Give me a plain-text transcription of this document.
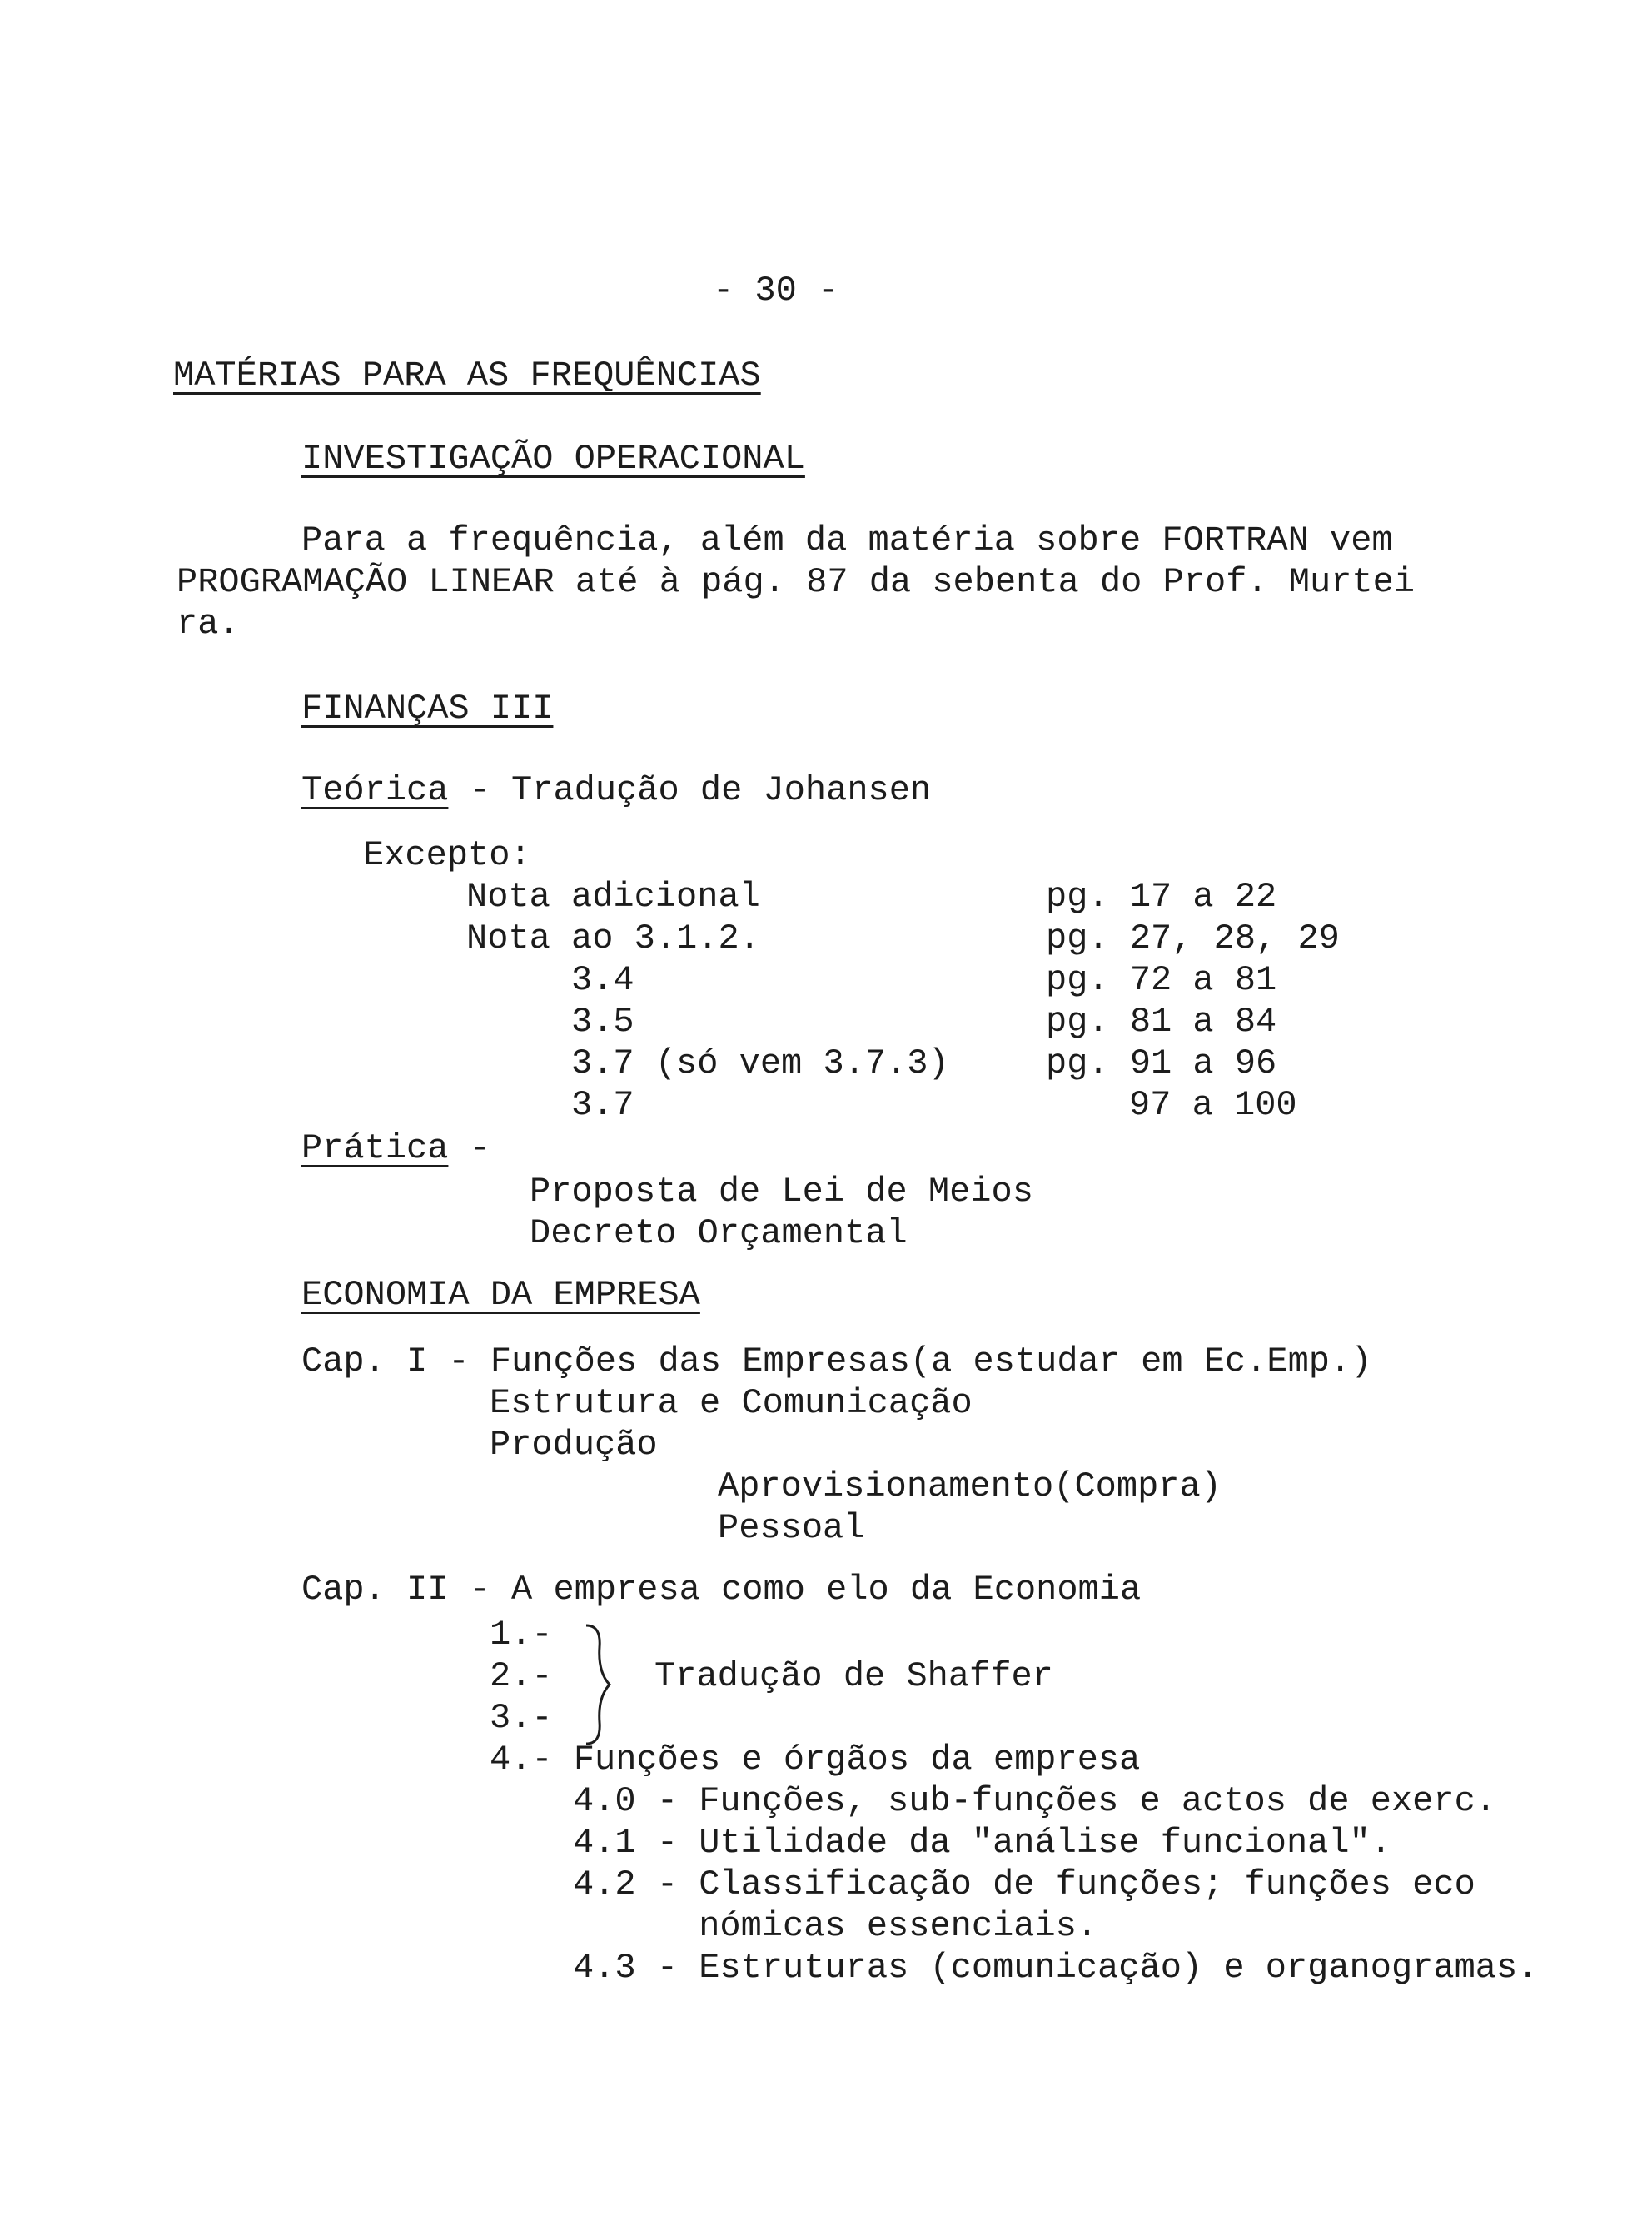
- 30 -
MATÉRIAS PARA AS FREQUÊNCIAS
INVESTIGAÇÃO OPERACIONAL
Para a frequência, além da matéria sobre FORTRAN vem
PROGRAMAÇÃO LINEAR até à pág. 87 da sebenta do Prof. Murtei
ra.
FINANÇAS III
Teórica - Tradução de Johansen
Excepto:
Nota adicional	pg. 17 a 22
Nota ao 3.1.2.	pg. 27, 28, 29
3.4	pg. 72 a 81
3.5	pg. 81 a 84
3.7 (só vem 3.7.3)	pg. 91 a 96
3.7	97 a 100
Prática -
Proposta de Lei de Meios
Decreto Orçamental
ECONOMIA DA EMPRESA
Cap. I - Funções das Empresas(a estudar em Ec.Emp.)
Estrutura e Comunicação
Produção
Aprovisionamento(Compra)
Pessoal
Cap. II - A empresa como elo da Economia
1.-
2.-
3.-
Tradução de Shaffer
4.- Funções e órgãos da empresa
4.0 - Funções, sub-funções e actos de exerc.
4.1 - Utilidade da "análise funcional".
4.2 - Classificação de funções; funções eco
nómicas essenciais.
4.3 - Estruturas (comunicação) e organogramas.
